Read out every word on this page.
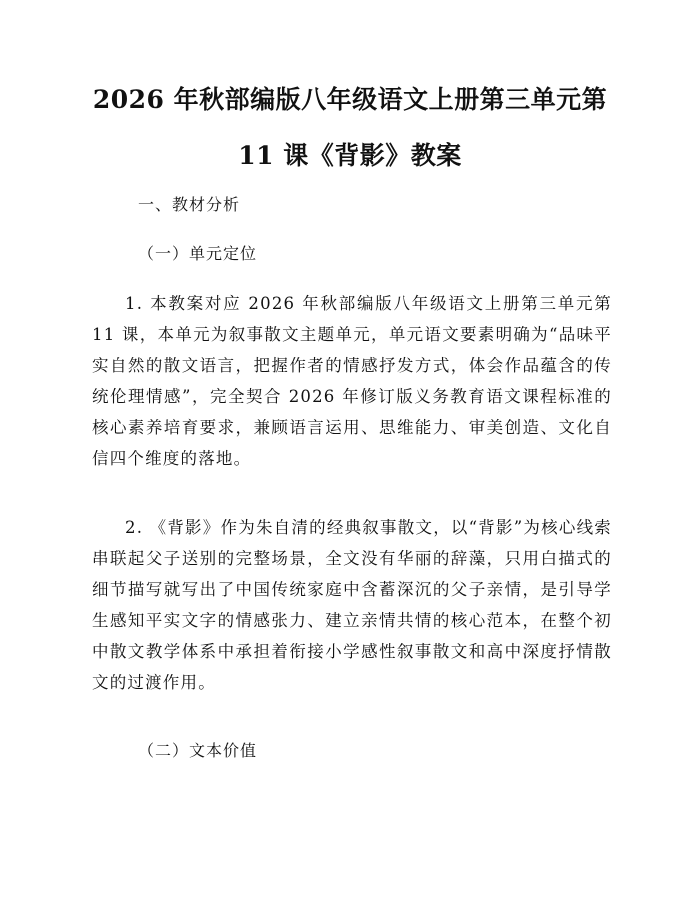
2026 年秋部编版八年级语文上册第三单元第
11 课《背影》教案
一、教材分析
（一）单元定位

1. 本教案对应 2026 年秋部编版八年级语文上册第三单元第 11 课，本单元为叙事散文主题单元，单元语文要素明确为“品味平实自然的散文语言，把握作者的情感抒发方式，体会作品蕴含的传统伦理情感”，完全契合 2026 年修订版义务教育语文课程标准的核心素养培育要求，兼顾语言运用、思维能力、审美创造、文化自信四个维度的落地。

2. 《背影》作为朱自清的经典叙事散文，以“背影”为核心线索串联起父子送别的完整场景，全文没有华丽的辞藻，只用白描式的细节描写就写出了中国传统家庭中含蓄深沉的父子亲情，是引导学生感知平实文字的情感张力、建立亲情共情的核心范本，在整个初中散文教学体系中承担着衔接小学感性叙事散文和高中深度抒情散文的过渡作用。

（二）文本价值
